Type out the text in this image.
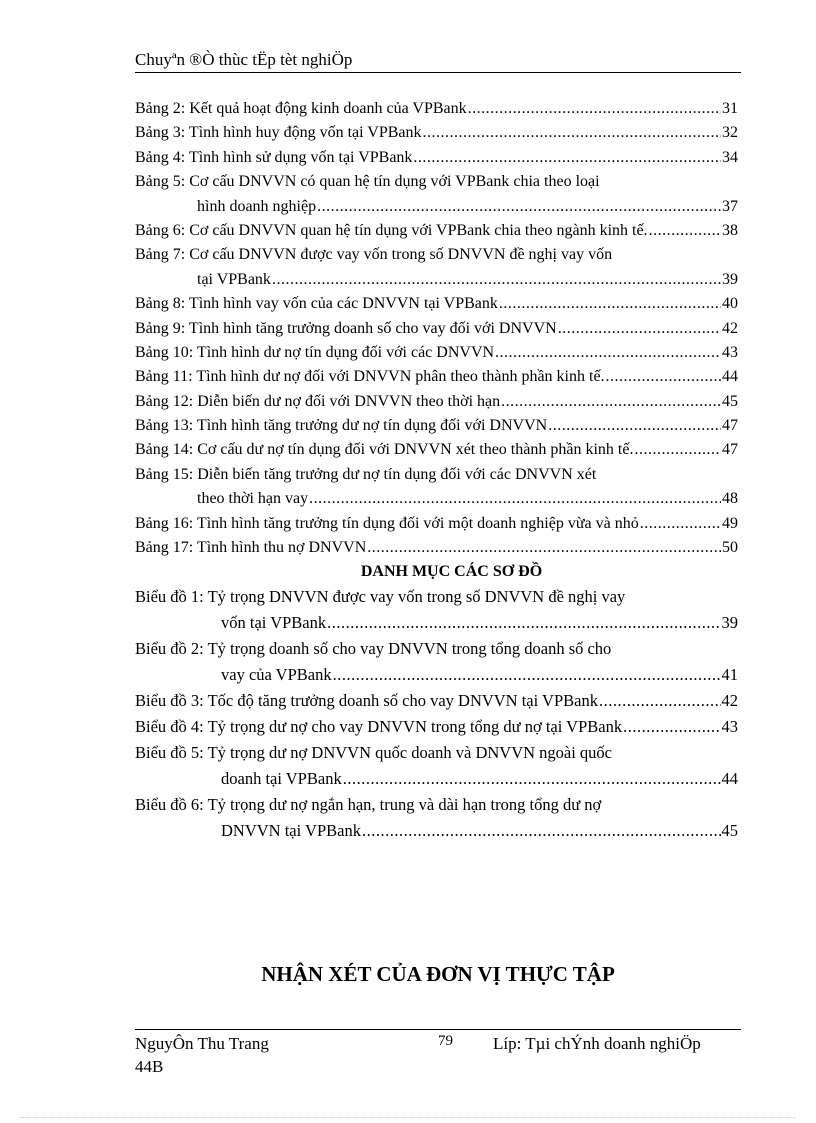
Chuyªn ®Ò thùc tËp tèt nghiÖp
Bảng 2: Kết quả hoạt động kinh doanh của VPBank .....	31
Bảng 3: Tình hình huy động vốn tại VPBank .....	32
Bảng 4: Tình hình sử dụng vốn tại VPBank .....	34
Bảng 5: Cơ cấu DNVVN có quan hệ tín dụng với VPBank chia theo loại
hình doanh nghiệp .....	37
Bảng 6: Cơ cấu DNVVN quan hệ tín dụng với VPBank chia theo ngành kinh tế. .....	38
Bảng 7: Cơ cấu DNVVN được vay vốn trong số DNVVN đề nghị vay vốn
tại VPBank .....	39
Bảng 8: Tình hình vay vốn của các DNVVN tại VPBank .....	40
Bảng 9: Tình hình tăng trưởng doanh số cho vay đối với DNVVN .....	42
Bảng 10: Tình hình dư nợ tín dụng đối với các DNVVN .....	43
Bảng 11: Tình hình dư nợ đối với DNVVN phân theo thành phần kinh tế. .....	44
Bảng 12: Diễn biến dư nợ đối với DNVVN theo thời hạn .....	45
Bảng 13: Tình hình tăng trưởng dư nợ tín dụng đối với DNVVN .....	47
Bảng 14: Cơ cấu dư nợ tín dụng đối với DNVVN xét theo thành phần kinh tế. .....	47
Bảng 15: Diễn biến tăng trưởng dư nợ tín dụng đối với các DNVVN xét
theo thời hạn vay .....	48
Bảng 16: Tình hình tăng trưởng tín dụng đối với một doanh nghiệp vừa và nhỏ .....	49
Bảng 17: Tình hình thu nợ DNVVN .....	50
DANH MỤC CÁC SƠ ĐỒ
Biểu đồ 1: Tỷ trọng DNVVN được vay vốn trong số DNVVN đề nghị vay
vốn tại VPBank .....	39
Biểu đồ 2: Tỷ trọng doanh số cho vay DNVVN trong tổng doanh số cho
vay của VPBank .....	41
Biểu đồ 3: Tốc độ tăng trưởng doanh số cho vay DNVVN tại VPBank .....	42
Biểu đồ 4: Tỷ trọng dư nợ cho vay DNVVN trong tổng dư nợ tại VPBank .....	43
Biểu đồ 5: Tỷ trọng dư nợ DNVVN quốc doanh và DNVVN ngoài quốc
doanh tại VPBank .....	44
Biểu đồ 6: Tỷ trọng dư nợ ngắn hạn, trung và dài hạn trong tổng dư nợ
DNVVN tại VPBank .....	45
NHẬN XÉT CỦA ĐƠN VỊ THỰC TẬP
NguyÔn Thu Trang
44B
79 Líp: Tµi chÝnh doanh nghiÖp
